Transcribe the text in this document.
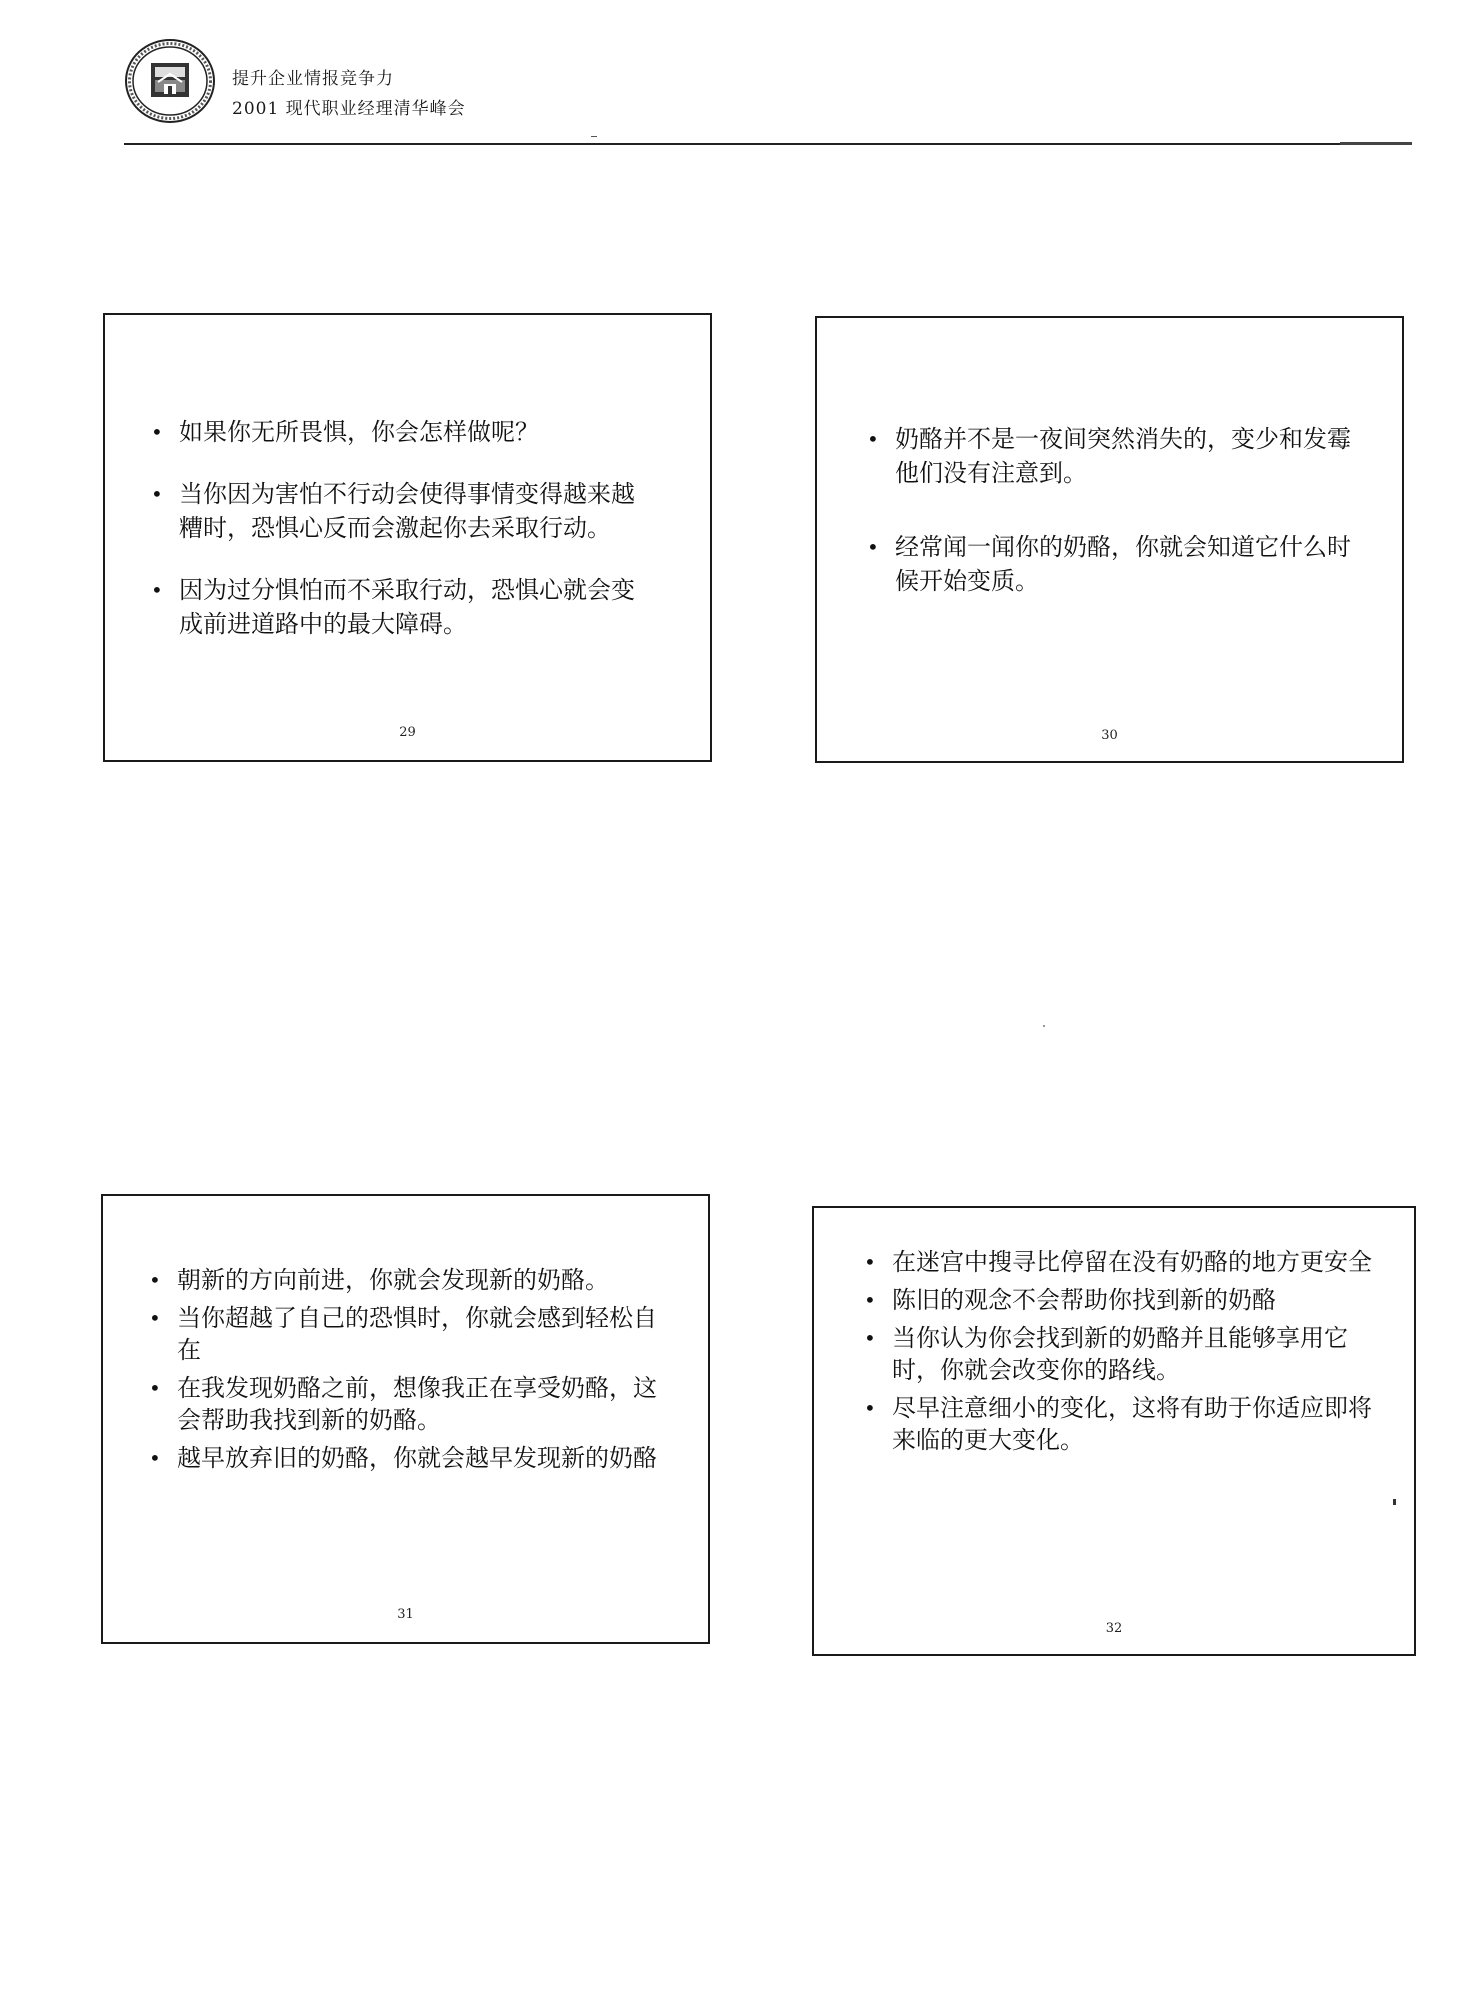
提升企业情报竞争力
2001 现代职业经理清华峰会
• 如果你无所畏惧，你会怎样做呢？
• 当你因为害怕不行动会使得事情变得越来越糟时，恐惧心反而会激起你去采取行动。
• 因为过分惧怕而不采取行动，恐惧心就会变成前进道路中的最大障碍。
29
• 奶酪并不是一夜间突然消失的，变少和发霉他们没有注意到。
• 经常闻一闻你的奶酪，你就会知道它什么时候开始变质。
30
• 朝新的方向前进，你就会发现新的奶酪。
• 当你超越了自己的恐惧时，你就会感到轻松自在
• 在我发现奶酪之前，想像我正在享受奶酪，这会帮助我找到新的奶酪。
• 越早放弃旧的奶酪，你就会越早发现新的奶酪
31
• 在迷宫中搜寻比停留在没有奶酪的地方更安全
• 陈旧的观念不会帮助你找到新的奶酪
• 当你认为你会找到新的奶酪并且能够享用它时，你就会改变你的路线。
• 尽早注意细小的变化，这将有助于你适应即将来临的更大变化。
32
